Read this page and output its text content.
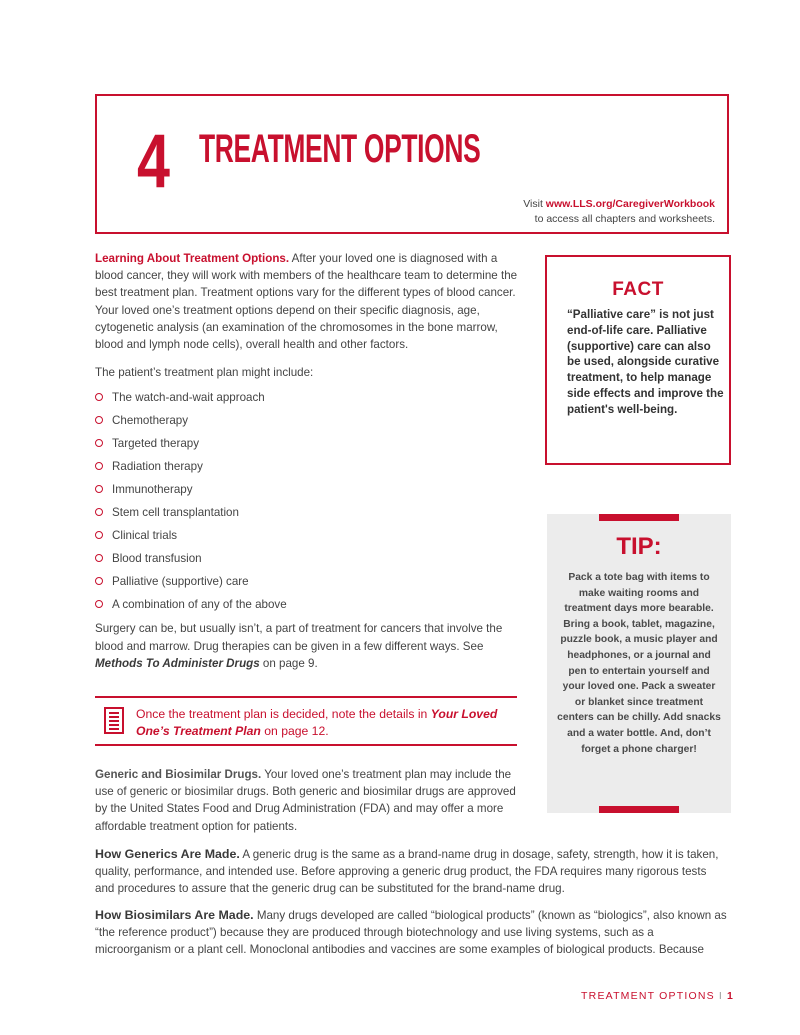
4 TREATMENT OPTIONS
Visit www.LLS.org/CaregiverWorkbook
to access all chapters and worksheets.

Learning About Treatment Options. After your loved one is diagnosed with a blood cancer, they will work with members of the healthcare team to determine the best treatment plan. Treatment options vary for the different types of blood cancer. Your loved one’s treatment options depend on their specific diagnosis, age, cytogenetic analysis (an examination of the chromosomes in the bone marrow, blood and lymph node cells), overall health and other factors.

The patient’s treatment plan might include:

The watch-and-wait approach
Chemotherapy
Targeted therapy
Radiation therapy
Immunotherapy
Stem cell transplantation
Clinical trials
Blood transfusion
Palliative (supportive) care
A combination of any of the above

Surgery can be, but usually isn’t, a part of treatment for cancers that involve the blood and marrow. Drug therapies can be given in a few different ways. See Methods To Administer Drugs on page 9.

Once the treatment plan is decided, note the details in Your Loved One’s Treatment Plan on page 12.

Generic and Biosimilar Drugs. Your loved one’s treatment plan may include the use of generic or biosimilar drugs. Both generic and biosimilar drugs are approved by the United States Food and Drug Administration (FDA) and may offer a more affordable treatment option for patients.

How Generics Are Made. A generic drug is the same as a brand-name drug in dosage, safety, strength, how it is taken, quality, performance, and intended use. Before approving a generic drug product, the FDA requires many rigorous tests and procedures to assure that the generic drug can be substituted for the brand-name drug.

How Biosimilars Are Made. Many drugs developed are called “biological products” (known as “biologics”, also known as “the reference product”) because they are produced through biotechnology and use living systems, such as a microorganism or a plant cell. Monoclonal antibodies and vaccines are some examples of biological products. Because

FACT
“Palliative care” is not just end-of-life care. Palliative (supportive) care can also be used, alongside curative treatment, to help manage side effects and improve the patient's well-being.
TIP:
Pack a tote bag with items to make waiting rooms and treatment days more bearable. Bring a book, tablet, magazine, puzzle book, a music player and headphones, or a journal and pen to entertain yourself and your loved one. Pack a sweater or blanket since treatment centers can be chilly. Add snacks and a water bottle. And, don’t forget a phone charger!
TREATMENT OPTIONS I 1
